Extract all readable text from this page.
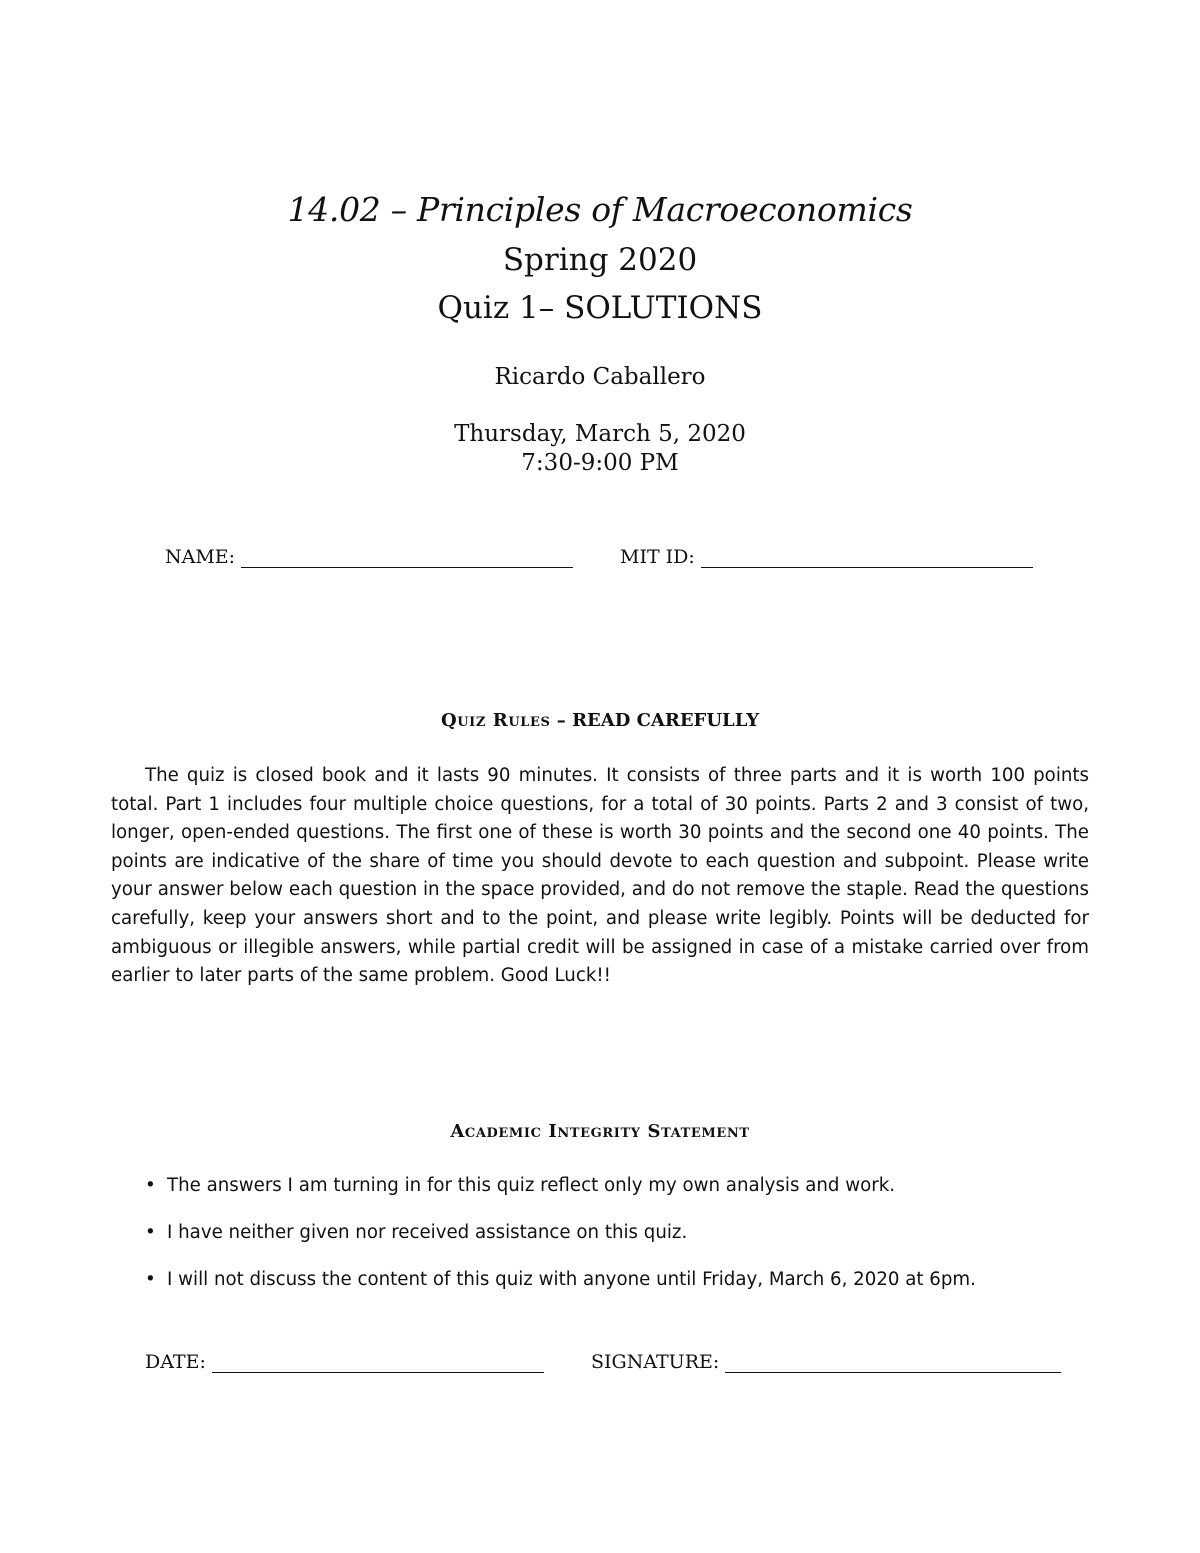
14.02 – Principles of Macroeconomics
Spring 2020
Quiz 1– SOLUTIONS
Ricardo Caballero
Thursday, March 5, 2020
7:30-9:00 PM
NAME:	MIT ID:
Quiz Rules – READ CAREFULLY

The quiz is closed book and it lasts 90 minutes. It consists of three parts and it is worth 100 points total. Part 1 includes four multiple choice questions, for a total of 30 points. Parts 2 and 3 consist of two, longer, open-ended questions. The first one of these is worth 30 points and the second one 40 points. The points are indicative of the share of time you should devote to each question and subpoint. Please write your answer below each question in the space provided, and do not remove the staple. Read the questions carefully, keep your answers short and to the point, and please write legibly. Points will be deducted for ambiguous or illegible answers, while partial credit will be assigned in case of a mistake carried over from earlier to later parts of the same problem. Good Luck!!

Academic Integrity Statement
• The answers I am turning in for this quiz reflect only my own analysis and work.
• I have neither given nor received assistance on this quiz.
• I will not discuss the content of this quiz with anyone until Friday, March 6, 2020 at 6pm.
DATE:	SIGNATURE:
